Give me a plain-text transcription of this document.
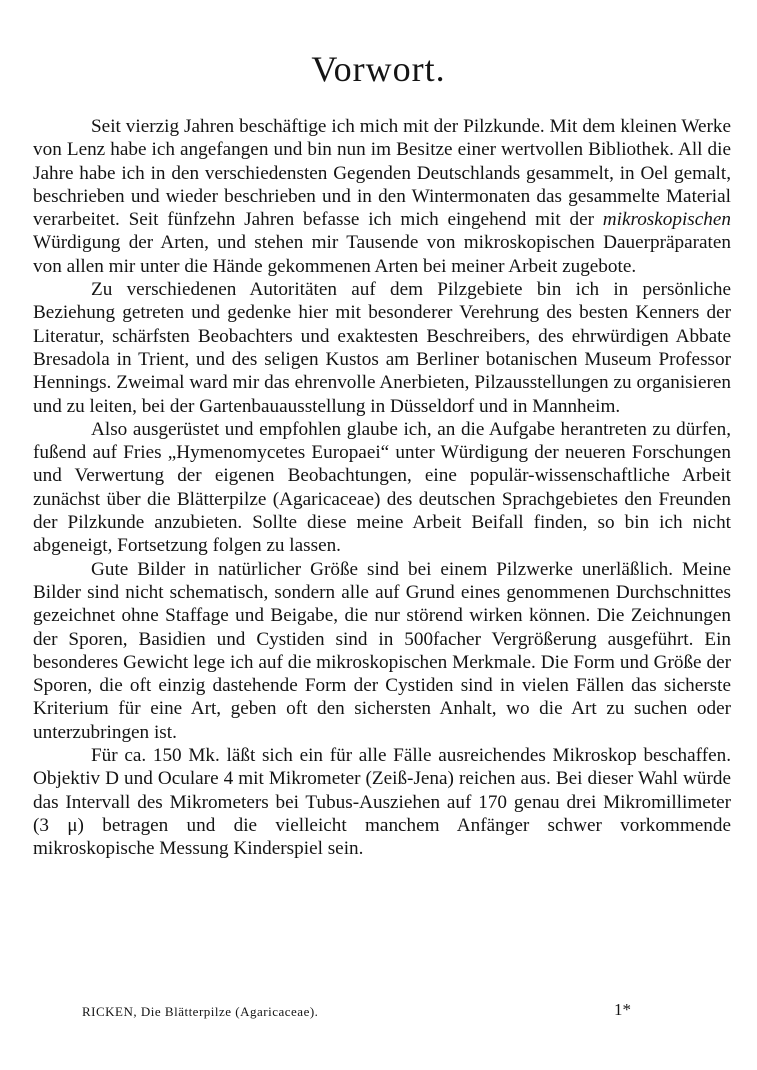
Vorwort.

Seit vierzig Jahren beschäftige ich mich mit der Pilzkunde. Mit dem kleinen Werke von Lenz habe ich angefangen und bin nun im Besitze einer wertvollen Bibliothek. All die Jahre habe ich in den verschiedensten Gegenden Deutschlands gesammelt, in Oel gemalt, beschrieben und wieder beschrieben und in den Wintermonaten das gesammelte Material verarbeitet. Seit fünfzehn Jahren befasse ich mich eingehend mit der mikroskopischen Würdigung der Arten, und stehen mir Tausende von mikroskopischen Dauerpräparaten von allen mir unter die Hände gekommenen Arten bei meiner Arbeit zugebote.

Zu verschiedenen Autoritäten auf dem Pilzgebiete bin ich in persönliche Beziehung getreten und gedenke hier mit besonderer Verehrung des besten Kenners der Literatur, schärfsten Beobachters und exaktesten Beschreibers, des ehrwürdigen Abbate Bresadola in Trient, und des seligen Kustos am Berliner botanischen Museum Professor Hennings. Zweimal ward mir das ehrenvolle Anerbieten, Pilzausstellungen zu organisieren und zu leiten, bei der Gartenbauausstellung in Düsseldorf und in Mannheim.

Also ausgerüstet und empfohlen glaube ich, an die Aufgabe herantreten zu dürfen, fußend auf Fries „Hymenomycetes Europaei“ unter Würdigung der neueren Forschungen und Verwertung der eigenen Beobachtungen, eine populär-wissenschaftliche Arbeit zunächst über die Blätterpilze (Agaricaceae) des deutschen Sprachgebietes den Freunden der Pilzkunde anzubieten. Sollte diese meine Arbeit Beifall finden, so bin ich nicht abgeneigt, Fortsetzung folgen zu lassen.

Gute Bilder in natürlicher Größe sind bei einem Pilzwerke unerläßlich. Meine Bilder sind nicht schematisch, sondern alle auf Grund eines genommenen Durchschnittes gezeichnet ohne Staffage und Beigabe, die nur störend wirken können. Die Zeichnungen der Sporen, Basidien und Cystiden sind in 500facher Vergrößerung ausgeführt. Ein besonderes Gewicht lege ich auf die mikroskopischen Merkmale. Die Form und Größe der Sporen, die oft einzig dastehende Form der Cystiden sind in vielen Fällen das sicherste Kriterium für eine Art, geben oft den sichersten Anhalt, wo die Art zu suchen oder unterzubringen ist.

Für ca. 150 Mk. läßt sich ein für alle Fälle ausreichendes Mikroskop beschaffen. Objektiv D und Oculare 4 mit Mikrometer (Zeiß-Jena) reichen aus. Bei dieser Wahl würde das Intervall des Mikrometers bei Tubus-Ausziehen auf 170 genau drei Mikromillimeter (3 μ) betragen und die vielleicht manchem Anfänger schwer vorkommende mikroskopische Messung Kinderspiel sein.

RICKEN, Die Blätterpilze (Agaricaceae).	1*
